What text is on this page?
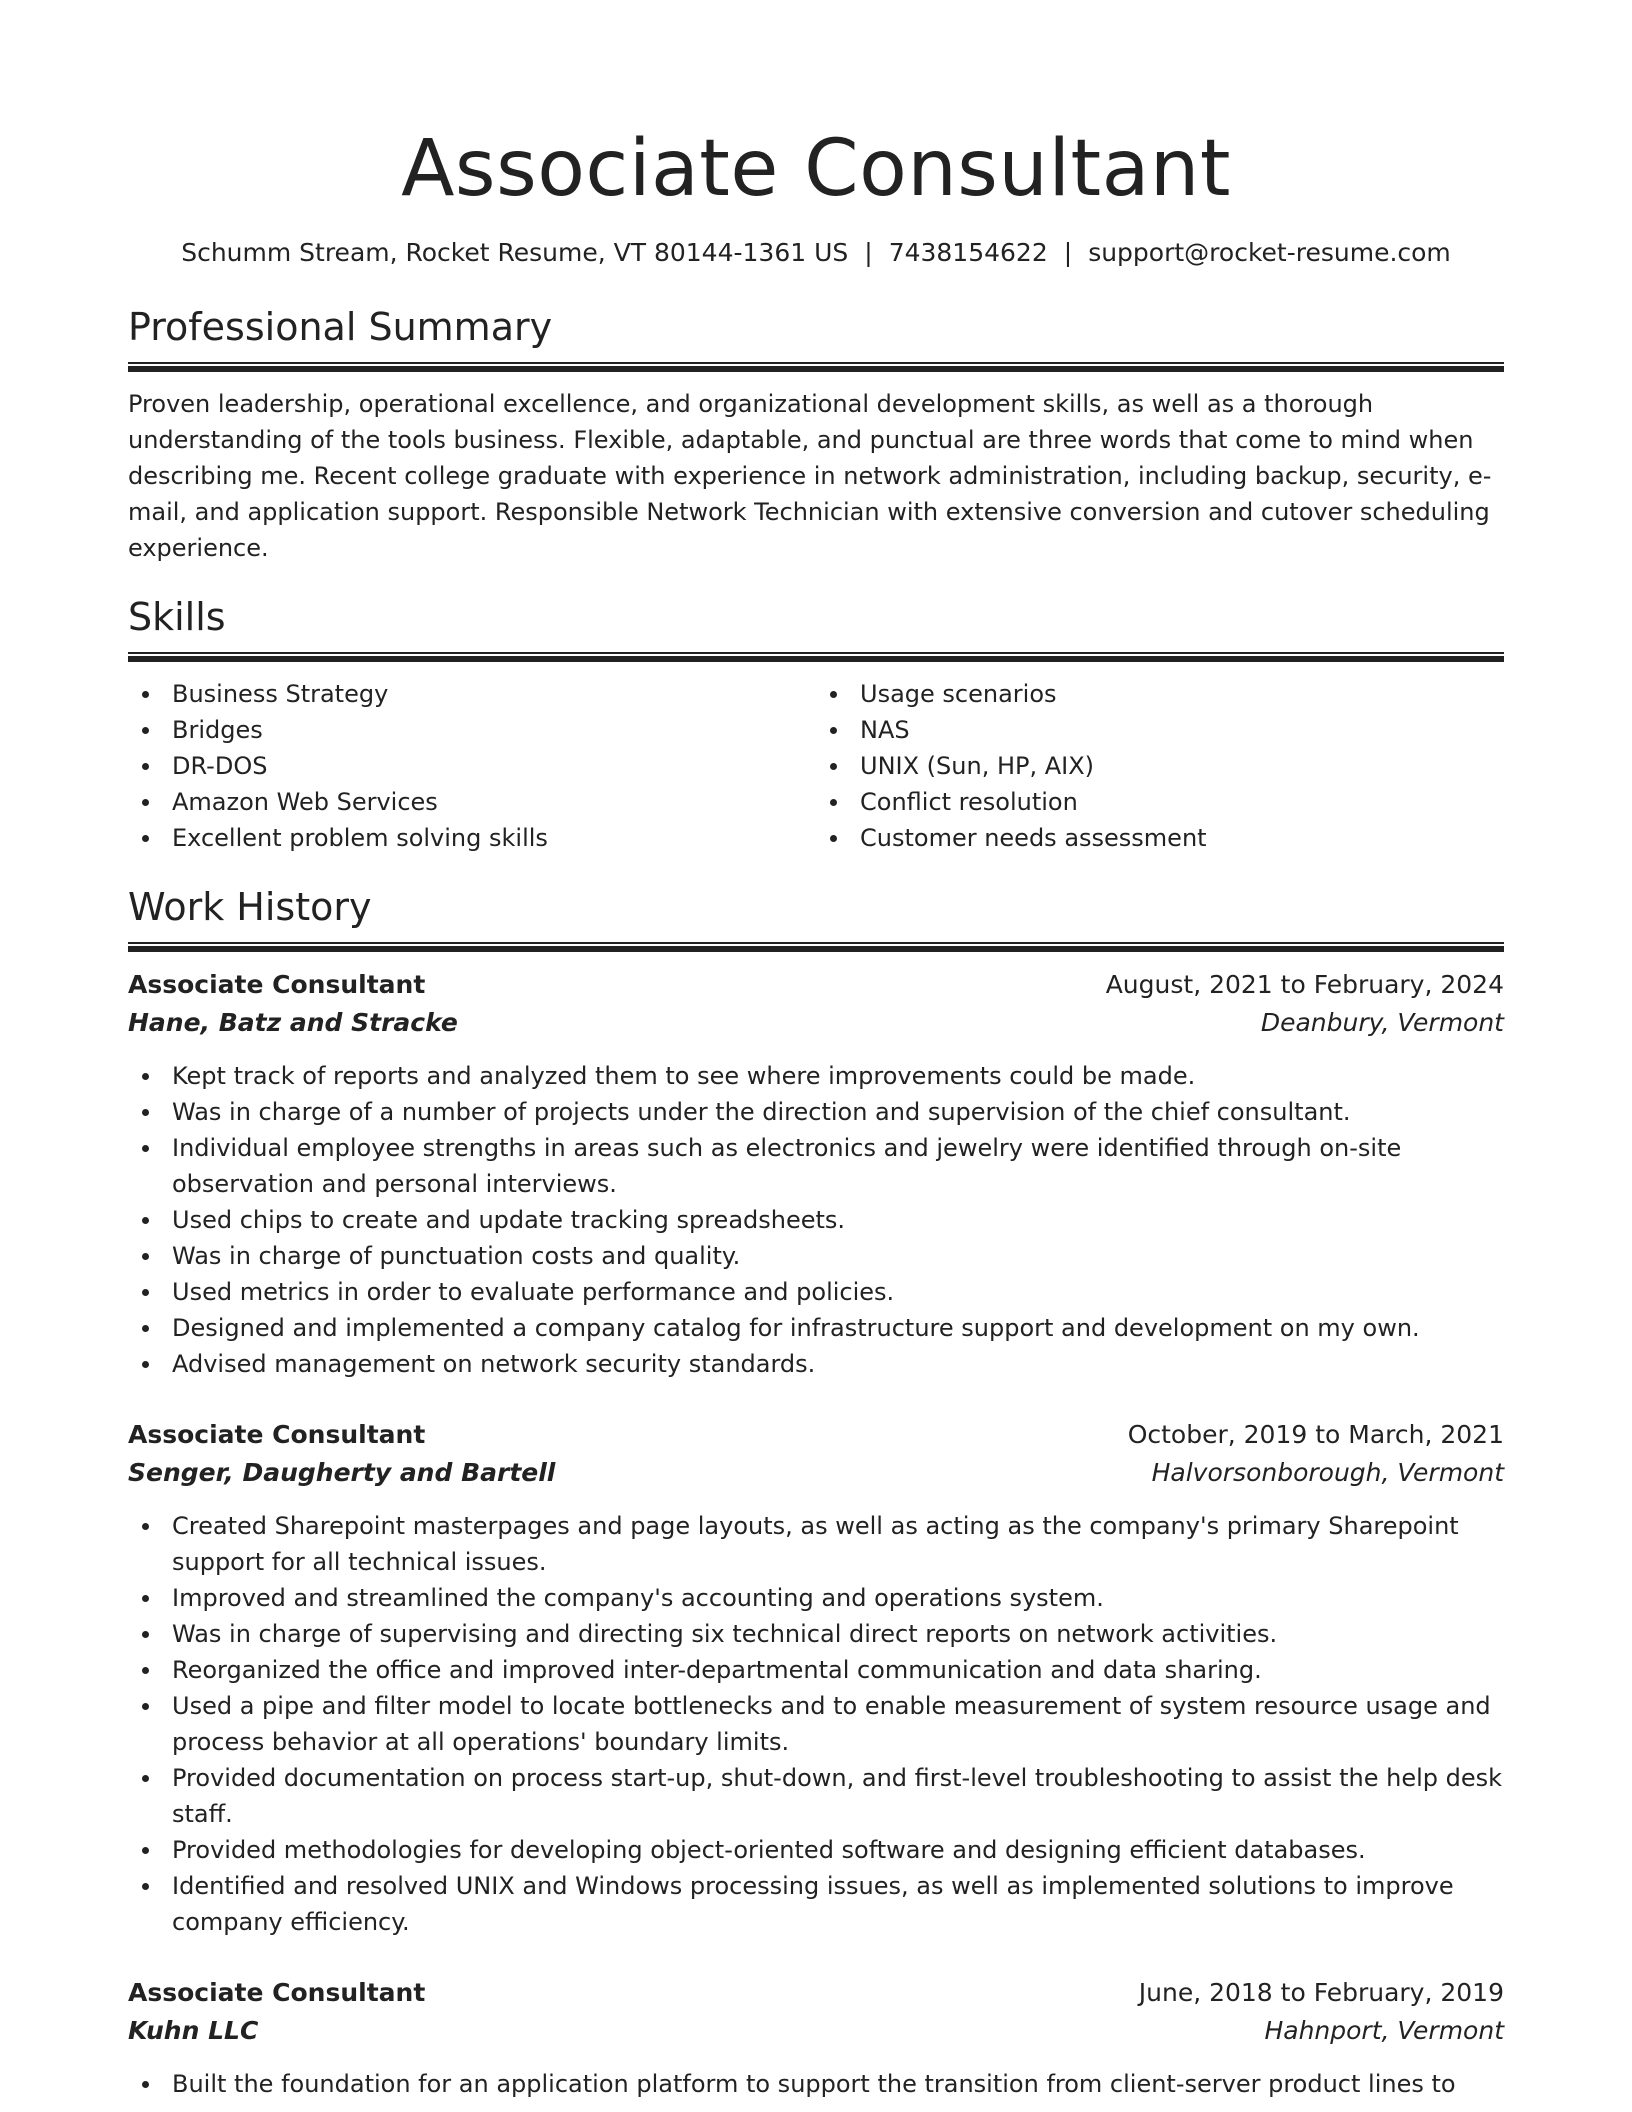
Associate Consultant
Schumm Stream, Rocket Resume, VT 80144-1361 US | 7438154622 | support@rocket-resume.com
Professional Summary

Proven leadership, operational excellence, and organizational development skills, as well as a thorough understanding of the tools business. Flexible, adaptable, and punctual are three words that come to mind when describing me. Recent college graduate with experience in network administration, including backup, security, e-mail, and application support. Responsible Network Technician with extensive conversion and cutover scheduling experience.

Skills
Business Strategy
Bridges
DR-DOS
Amazon Web Services
Excellent problem solving skills
Usage scenarios
NAS
UNIX (Sun, HP, AIX)
Conflict resolution
Customer needs assessment
Work History
Associate Consultant	August, 2021 to February, 2024
Hane, Batz and Stracke	Deanbury, Vermont
Kept track of reports and analyzed them to see where improvements could be made.
Was in charge of a number of projects under the direction and supervision of the chief consultant.
Individual employee strengths in areas such as electronics and jewelry were identified through on-site observation and personal interviews.
Used chips to create and update tracking spreadsheets.
Was in charge of punctuation costs and quality.
Used metrics in order to evaluate performance and policies.
Designed and implemented a company catalog for infrastructure support and development on my own.
Advised management on network security standards.
Associate Consultant	October, 2019 to March, 2021
Senger, Daugherty and Bartell	Halvorsonborough, Vermont
Created Sharepoint masterpages and page layouts, as well as acting as the company's primary Sharepoint support for all technical issues.
Improved and streamlined the company's accounting and operations system.
Was in charge of supervising and directing six technical direct reports on network activities.
Reorganized the office and improved inter-departmental communication and data sharing.
Used a pipe and filter model to locate bottlenecks and to enable measurement of system resource usage and process behavior at all operations' boundary limits.
Provided documentation on process start-up, shut-down, and first-level troubleshooting to assist the help desk staff.
Provided methodologies for developing object-oriented software and designing efficient databases.
Identified and resolved UNIX and Windows processing issues, as well as implemented solutions to improve company efficiency.
Associate Consultant	June, 2018 to February, 2019
Kuhn LLC	Hahnport, Vermont
Built the foundation for an application platform to support the transition from client-server product lines to
